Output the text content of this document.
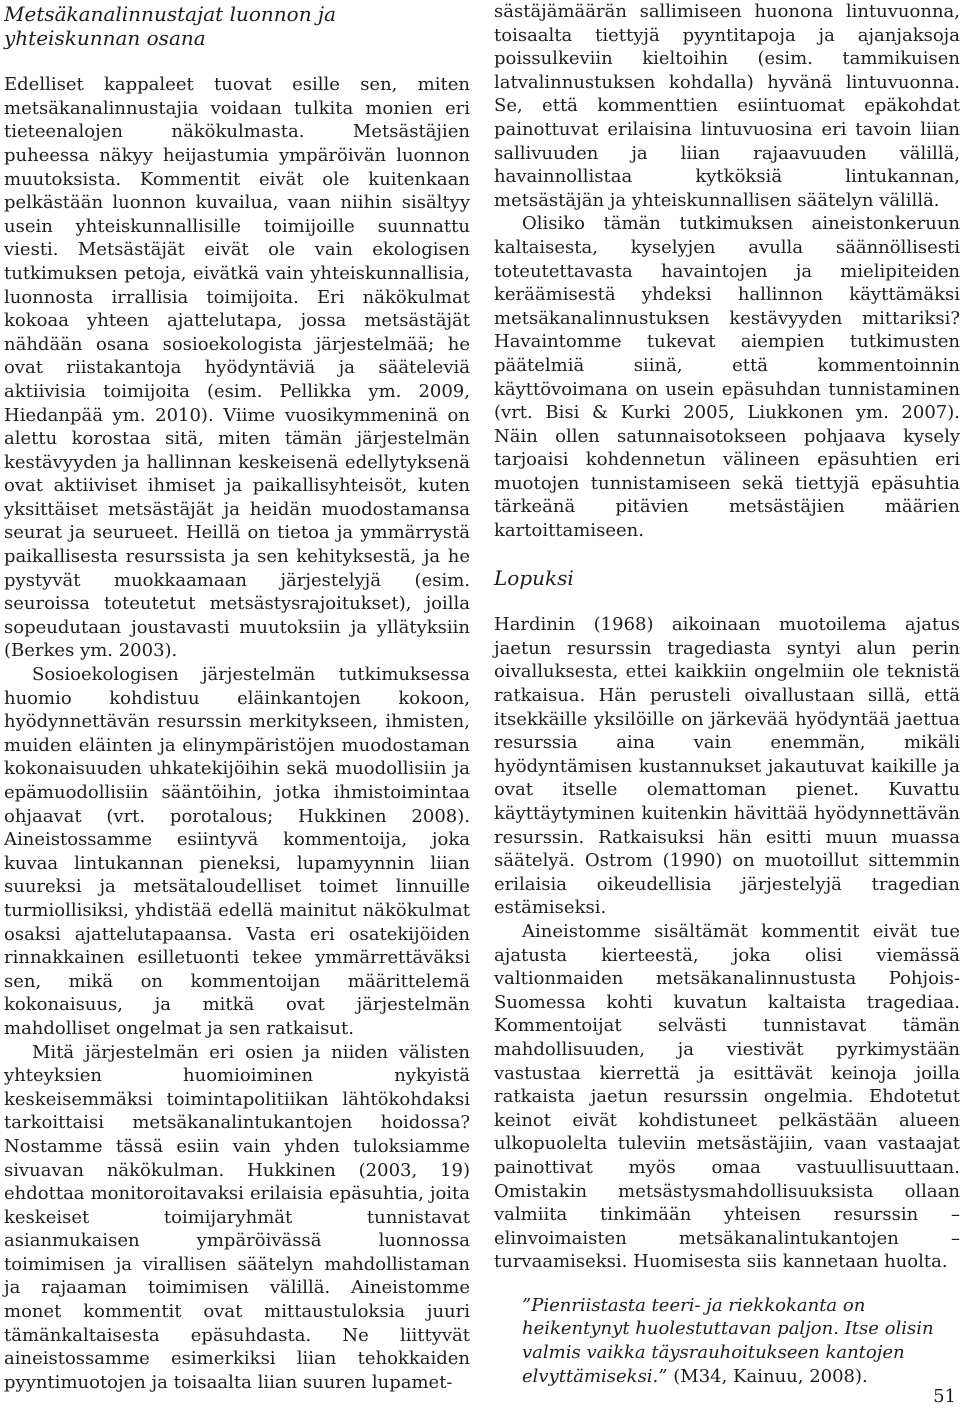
Metsäkanalinnustajat luonnon ja yhteiskunnan osana

Edelliset kappaleet tuovat esille sen, miten metsäkanalinnustajia voidaan tulkita monien eri tieteenalojen näkökulmasta. Metsästäjien puheessa näkyy heijastumia ympäröivän luonnon muutoksista. Kommentit eivät ole kuitenkaan pelkästään luonnon kuvailua, vaan niihin sisältyy usein yhteiskunnallisille toimijoille suunnattu viesti. Metsästäjät eivät ole vain ekologisen tutkimuksen petoja, eivätkä vain yhteiskunnallisia, luonnosta irrallisia toimijoita. Eri näkökulmat kokoaa yhteen ajattelutapa, jossa metsästäjät nähdään osana sosioekologista järjestelmää; he ovat riistakantoja hyödyntäviä ja sääteleviä aktiivisia toimijoita (esim. Pellikka ym. 2009, Hiedanpää ym. 2010). Viime vuosikymmeninä on alettu korostaa sitä, miten tämän järjestelmän kestävyyden ja hallinnan keskeisenä edellytyksenä ovat aktiiviset ihmiset ja paikallisyhteisöt, kuten yksittäiset metsästäjät ja heidän muodostamansa seurat ja seurueet. Heillä on tietoa ja ymmärrystä paikallisesta resurssista ja sen kehityksestä, ja he pystyvät muokkaamaan järjestelyjä (esim. seuroissa toteutetut metsästysrajoitukset), joilla sopeudutaan joustavasti muutoksiin ja yllätyksiin (Berkes ym. 2003).

Sosioekologisen järjestelmän tutkimuksessa huomio kohdistuu eläinkantojen kokoon, hyödynnettävän resurssin merkitykseen, ihmisten, muiden eläinten ja elinympäristöjen muodostaman kokonaisuuden uhkatekijöihin sekä muodollisiin ja epämuodollisiin sääntöihin, jotka ihmistoimintaa ohjaavat (vrt. porotalous; Hukkinen 2008). Aineistossamme esiintyvä kommentoija, joka kuvaa lintukannan pieneksi, lupamyynnin liian suureksi ja metsätaloudelliset toimet linnuille turmiollisiksi, yhdistää edellä mainitut näkökulmat osaksi ajattelutapaansa. Vasta eri osatekijöiden rinnakkainen esilletuonti tekee ymmärrettäväksi sen, mikä on kommentoijan määrittelemä kokonaisuus, ja mitkä ovat järjestelmän mahdolliset ongelmat ja sen ratkaisut.

Mitä järjestelmän eri osien ja niiden välisten yhteyksien huomioiminen nykyistä keskeisemmäksi toimintapolitiikan lähtökohdaksi tarkoittaisi metsäkanalintukantojen hoidossa? Nostamme tässä esiin vain yhden tuloksiamme sivuavan näkökulman. Hukkinen (2003, 19) ehdottaa monitoroitavaksi erilaisia epäsuhtia, joita keskeiset toimijaryhmät tunnistavat asianmukaisen ympäröivässä luonnossa toimimisen ja virallisen säätelyn mahdollistaman ja rajaaman toimimisen välillä. Aineistomme monet kommentit ovat mittaustuloksia juuri tämänkaltaisesta epäsuhdasta. Ne liittyvät aineistossamme esimerkiksi liian tehokkaiden pyyntimuotojen ja toisaalta liian suuren lupamet-

sästäjämäärän sallimiseen huonona lintuvuonna, toisaalta tiettyjä pyyntitapoja ja ajanjaksoja poissulkeviin kieltoihin (esim. tammikuisen latvalinnustuksen kohdalla) hyvänä lintuvuonna. Se, että kommenttien esiintuomat epäkohdat painottuvat erilaisina lintuvuosina eri tavoin liian sallivuuden ja liian rajaavuuden välillä, havainnollistaa kytköksiä lintukannan, metsästäjän ja yhteiskunnallisen säätelyn välillä.

Olisiko tämän tutkimuksen aineistonkeruun kaltaisesta, kyselyjen avulla säännöllisesti toteutettavasta havaintojen ja mielipiteiden keräämisestä yhdeksi hallinnon käyttämäksi metsäkanalinnustuksen kestävyyden mittariksi? Havaintomme tukevat aiempien tutkimusten päätelmiä siinä, että kommentoinnin käyttövoimana on usein epäsuhdan tunnistaminen (vrt. Bisi & Kurki 2005, Liukkonen ym. 2007). Näin ollen satunnaisotokseen pohjaava kysely tarjoaisi kohdennetun välineen epäsuhtien eri muotojen tunnistamiseen sekä tiettyjä epäsuhtia tärkeänä pitävien metsästäjien määrien kartoittamiseen.

Lopuksi

Hardinin (1968) aikoinaan muotoilema ajatus jaetun resurssin tragediasta syntyi alun perin oivalluksesta, ettei kaikkiin ongelmiin ole teknistä ratkaisua. Hän perusteli oivallustaan sillä, että itsekkäille yksilöille on järkevää hyödyntää jaettua resurssia aina vain enemmän, mikäli hyödyntämisen kustannukset jakautuvat kaikille ja ovat itselle olemattoman pienet. Kuvattu käyttäytyminen kuitenkin hävittää hyödynnettävän resurssin. Ratkaisuksi hän esitti muun muassa säätelyä. Ostrom (1990) on muotoillut sittemmin erilaisia oikeudellisia järjestelyjä tragedian estämiseksi.

Aineistomme sisältämät kommentit eivät tue ajatusta kierteestä, joka olisi viemässä valtionmaiden metsäkanalinnustusta Pohjois-Suomessa kohti kuvatun kaltaista tragediaa. Kommentoijat selvästi tunnistavat tämän mahdollisuuden, ja viestivät pyrkimystään vastustaa kierrettä ja esittävät keinoja joilla ratkaista jaetun resurssin ongelmia. Ehdotetut keinot eivät kohdistuneet pelkästään alueen ulkopuolelta tuleviin metsästäjiin, vaan vastaajat painottivat myös omaa vastuullisuuttaan. Omistakin metsästysmahdollisuuksista ollaan valmiita tinkimään yhteisen resurssin – elinvoimaisten metsäkanalintukantojen – turvaamiseksi. Huomisesta siis kannetaan huolta.

”Pienriistasta teeri- ja riekkokanta on heikentynyt huolestuttavan paljon. Itse olisin valmis vaikka täysrauhoitukseen kantojen elvyttämiseksi.” (M34, Kainuu, 2008).
51
